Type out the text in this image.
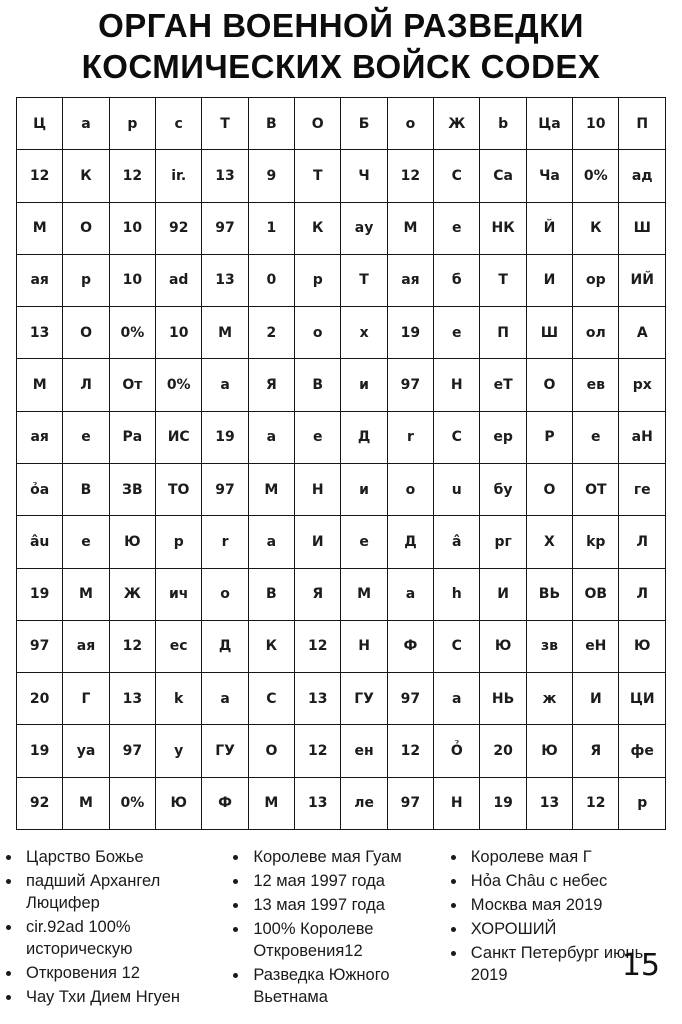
ОРГАН ВОЕННОЙ РАЗВЕДКИ
КОСМИЧЕСКИХ ВОЙСК CODEX
Ц	а	р	с	Т	В	О	Б	о	Ж	b	Ца	10	П
12	К	12	ir.	13	9	Т	Ч	12	С	Са	Ча	0%	ад
М	О	10	92	97	1	К	ау	М	е	НК	Й	К	Ш
ая	р	10	ad	13	0	р	Т	ая	б	Т	И	ор	ИЙ
13	О	0%	10	М	2	о	х	19	е	П	Ш	ол	А
М	Л	От	0%	а	Я	В	и	97	Н	еТ	О	ев	рх
ая	е	Ра	ИС	19	а	е	Д	r	С	ер	Р	е	аН
ỏа	В	ЗВ	ТО	97	М	Н	и	о	u	бу	О	ОТ	ге
âu	е	Ю	р	r	а	И	е	Д	â	рг	Х	kр	Л
19	М	Ж	ич	о	В	Я	М	а	h	И	ВЬ	ОВ	Л
97	ая	12	ес	Д	К	12	Н	Ф	С	Ю	зв	еН	Ю
20	Г	13	k	а	С	13	ГУ	97	а	НЬ	ж	И	ЦИ
19	уа	97	у	ГУ	О	12	ен	12	Ỏ	20	Ю	Я	фе
92	М	0%	Ю	Ф	М	13	ле	97	Н	19	13	12	р
• Царство Божье
• падший Архангел Люцифер
• cir.92ad 100% историческую
• Откровения 12
• Чау Тхи Дием Нгуен
• Королеве мая Гуам
• 12 мая 1997 года
• 13 мая 1997 года
• 100% Королеве Откровения12
• Разведка Южного Вьетнама
• Королеве мая Г
• Hỏa Châu с небес
• Москва мая 2019
• ХОРОШИЙ
• Санкт Петербург июнь 2019	15
